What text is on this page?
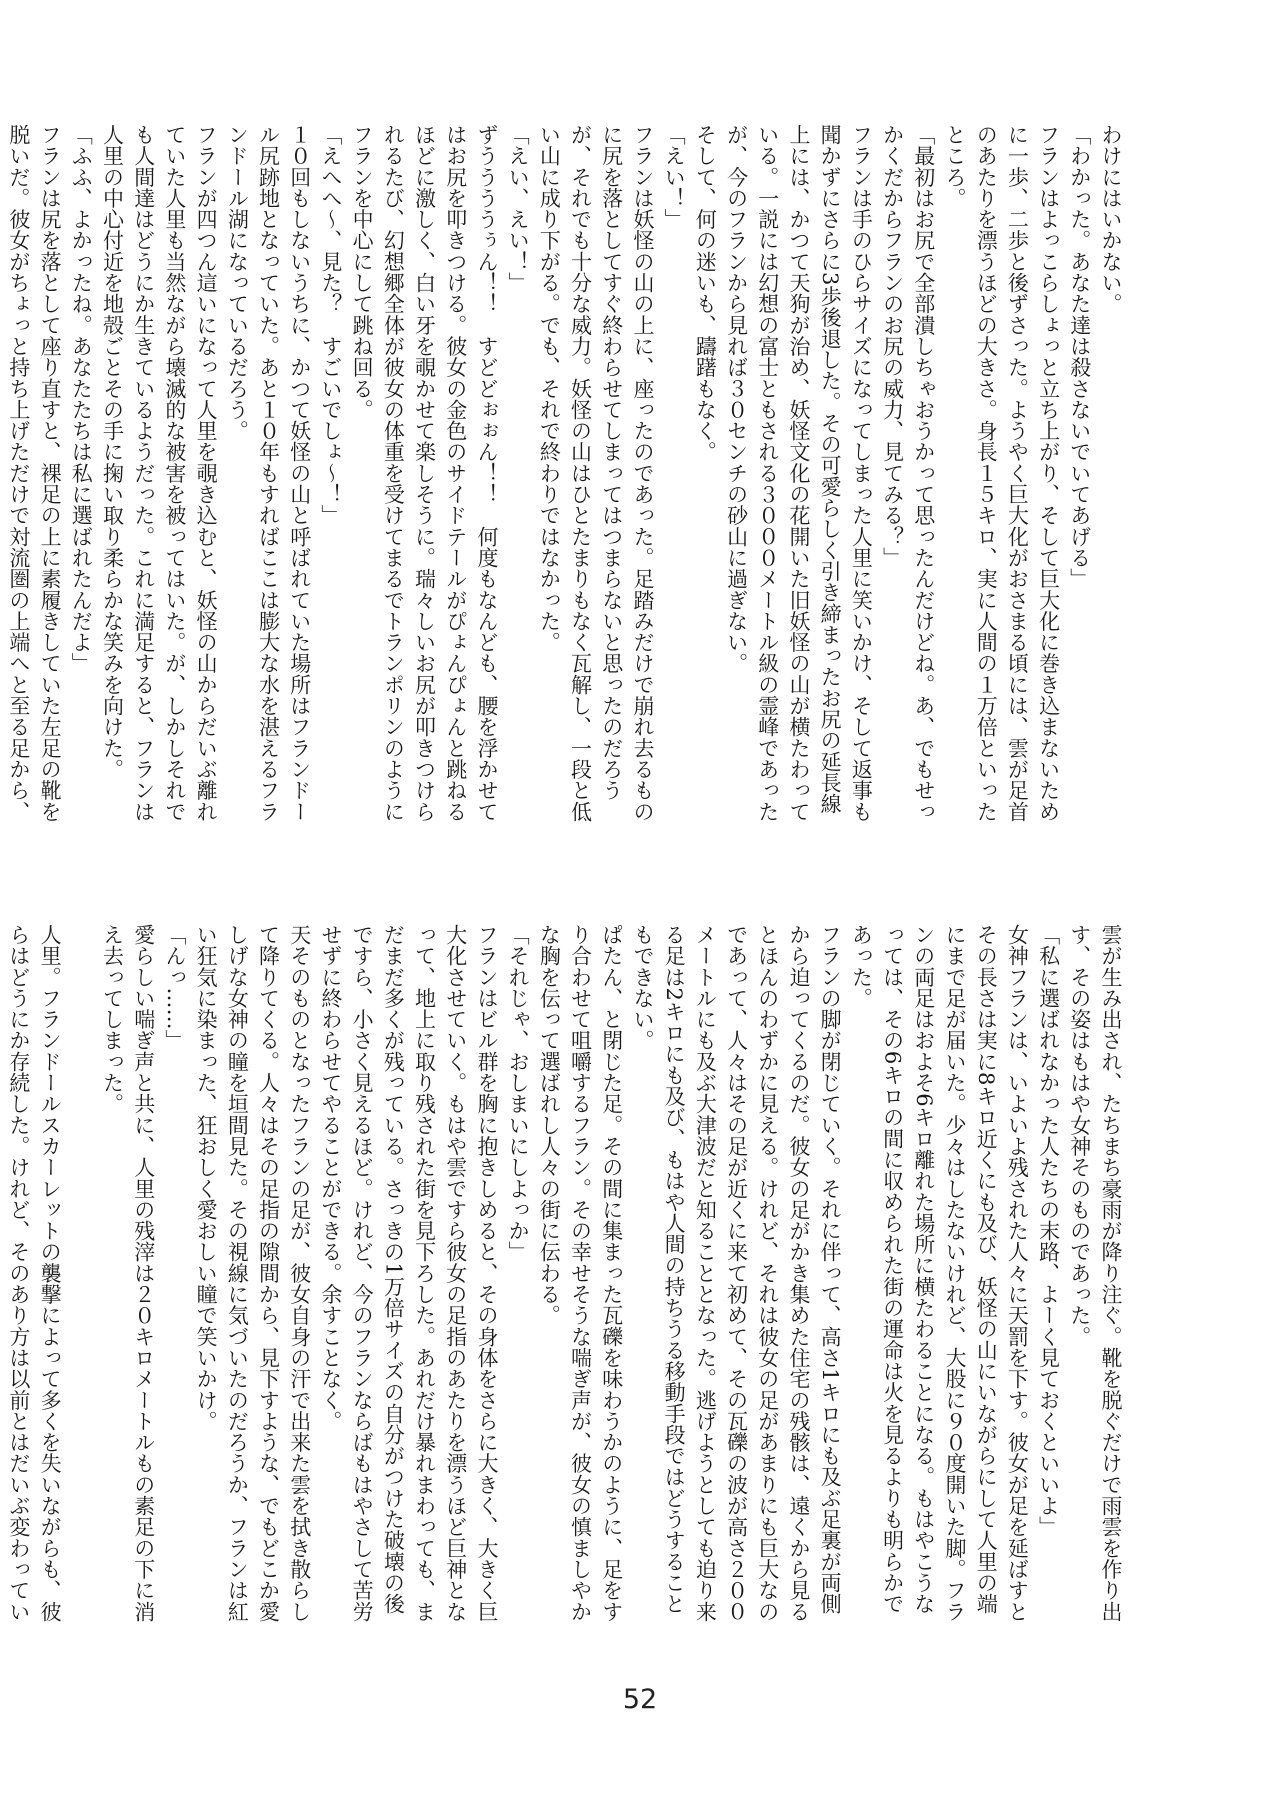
わけにはいかない。

「わかった。あなた達は殺さないでいてあげる」

フランはよっこらしょっと立ち上がり、そして巨大化に巻き込まないために一歩、二歩と後ずさった。ようやく巨大化がおさまる頃には、雲が足首のあたりを漂うほどの大きさ。身長１５キロ、実に人間の１万倍といったところ。

「最初はお尻で全部潰しちゃおうかって思ったんだけどね。あ、でもせっかくだからフランのお尻の威力、見てみる？」

フランは手のひらサイズになってしまった人里に笑いかけ、そして返事も聞かずにさらに3歩後退した。その可愛らしく引き締まったお尻の延長線上には、かつて天狗が治め、妖怪文化の花開いた旧妖怪の山が横たわっている。一説には幻想の富士ともされる３０００メートル級の霊峰であったが、今のフランから見れば３０センチの砂山に過ぎない。

そして、何の迷いも、躊躇もなく。

「えい！」

フランは妖怪の山の上に、座ったのであった。足踏みだけで崩れ去るものに尻を落としてすぐ終わらせてしまってはつまらないと思ったのだろうが、それでも十分な威力。妖怪の山はひとたまりもなく瓦解し、一段と低い山に成り下がる。でも、それで終わりではなかった。

「えい、えい！」

ずううううぅん！！　すどどぉぉん！！　何度もなんども、腰を浮かせてはお尻を叩きつける。彼女の金色のサイドテールがぴょんぴょんと跳ねるほどに激しく、白い牙を覗かせて楽しそうに。瑞々しいお尻が叩きつけられるたび、幻想郷全体が彼女の体重を受けてまるでトランポリンのようにフランを中心にして跳ね回る。

「えへへ～、見た？　すごいでしょ～！」

１０回もしないうちに、かつて妖怪の山と呼ばれていた場所はフランドール尻跡地となっていた。あと１０年もすればここは膨大な水を湛えるフランドール湖になっているだろう。

フランが四つん這いになって人里を覗き込むと、妖怪の山からだいぶ離れていた人里も当然ながら壊滅的な被害を被ってはいた。が、しかしそれでも人間達はどうにか生きているようだった。これに満足すると、フランは人里の中心付近を地殻ごとその手に掬い取り柔らかな笑みを向けた。

「ふふ、よかったね。あなたたちは私に選ばれたんだよ」

フランは尻を落として座り直すと、裸足の上に素履きしていた左足の靴を脱いだ。彼女がちょっと持ち上げただけで対流圏の上端へと至る足から、

雲が生み出され、たちまち豪雨が降り注ぐ。靴を脱ぐだけで雨雲を作り出す、その姿はもはや女神そのものであった。

「私に選ばれなかった人たちの末路、よーく見ておくといいよ」

女神フランは、いよいよ残された人々に天罰を下す。彼女が足を延ばすとその長さは実に8キロ近くにも及び、妖怪の山にいながらにして人里の端にまで足が届いた。少々はしたないけれど、大股に９０度開いた脚。フランの両足はおよそ6キロ離れた場所に横たわることになる。もはやこうなっては、その6キロの間に収められた街の運命は火を見るよりも明らかであった。

フランの脚が閉じていく。それに伴って、高さ1キロにも及ぶ足裏が両側から迫ってくるのだ。彼女の足がかき集めた住宅の残骸は、遠くから見るとほんのわずかに見える。けれど、それは彼女の足があまりにも巨大なのであって、人々はその足が近くに来て初めて、その瓦礫の波が高さ２００メートルにも及ぶ大津波だと知ることとなった。逃げようとしても迫り来る足は2キロにも及び、もはや人間の持ちうる移動手段ではどうすることもできない。

ぱたん、と閉じた足。その間に集まった瓦礫を味わうかのように、足をすり合わせて咀嚼するフラン。その幸せそうな喘ぎ声が、彼女の慎ましやかな胸を伝って選ばれし人々の街に伝わる。

「それじゃ、おしまいにしよっか」

フランはビル群を胸に抱きしめると、その身体をさらに大きく、大きく巨大化させていく。もはや雲ですら彼女の足指のあたりを漂うほど巨神となって、地上に取り残された街を見下ろした。あれだけ暴れまわっても、まだまだ多くが残っている。さっきの1万倍サイズの自分がつけた破壊の後ですら、小さく見えるほど。けれど、今のフランならばもはやさして苦労せずに終わらせてやることができる。余すことなく。

天そのものとなったフランの足が、彼女自身の汗で出来た雲を拭き散らして降りてくる。人々はその足指の隙間から、見下すような、でもどこか愛しげな女神の瞳を垣間見た。その視線に気づいたのだろうか、フランは紅い狂気に染まった、狂おしく愛おしい瞳で笑いかけ。

「んっ……」

愛らしい喘ぎ声と共に、人里の残滓は２０キロメートルもの素足の下に消え去ってしまった。

人里。フランドールスカーレットの襲撃によって多くを失いながらも、彼らはどうにか存続した。けれど、そのあり方は以前とはだいぶ変わってい

52
